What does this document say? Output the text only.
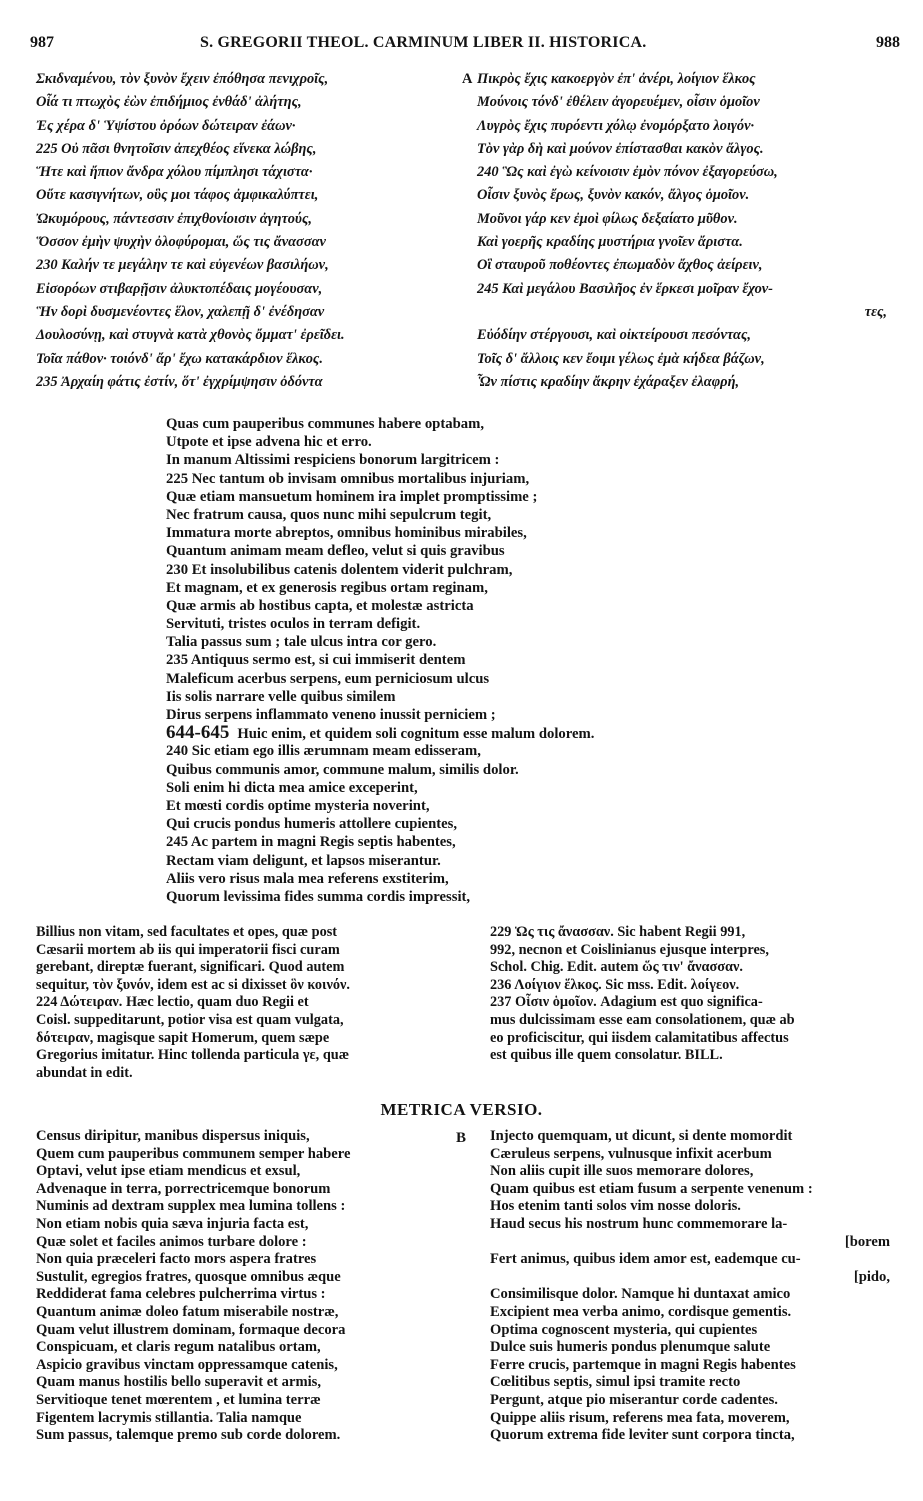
987	S. GREGORII THEOL. CARMINUM LIBER II. HISTORICA.	988
Σκιδναμένου, τὸν ξυνὸν ἔχειν ἐπόθησα πενιχροῖς,
Οἷά τι πτωχὸς ἐὼν ἐπιδήμιος ἐνθάδ' ἀλήτης,
Ἐς χέρα δ' Ὑψίστου ὀρόων δώτειραν ἐάων·
225 Οὐ πᾶσι θνητοῖσιν ἀπεχθέος εἵνεκα λώβης,
Ἥτε καὶ ἤπιον ἄνδρα χόλου πίμπλησι τάχιστα·
Οὔτε κασιγνήτων, οὓς μοι τάφος ἀμφικαλύπτει,
Ὠκυμόρους, πάντεσσιν ἐπιχθονίοισιν ἀγητούς,
Ὅσσον ἐμὴν ψυχὴν ὀλοφύρομαι, ὥς τις ἄνασσαν
230 Καλήν τε μεγάλην τε καὶ εὐγενέων βασιλήων,
Εἰσορόων στιβαρῇσιν ἀλυκτοπέδαις μογέουσαν,
Ἣν δορὶ δυσμενέοντες ἕλον, χαλεπῇ δ' ἐνέδησαν
Δουλοσύνῃ, καὶ στυγνὰ κατὰ χθονὸς ὄμματ' ἐρεῖδει.
Τοῖα πάθον· τοιόνδ' ἄρ' ἔχω κατακάρδιον ἕλκος.
235 Ἀρχαίη φάτις ἐστίν, ὅτ' ἐγχρίμψησιν ὀδόντα
A Πικρὸς ἔχις κακοεργὸν ἐπ' ἀνέρι, λοίγιον ἕλκος
Μούνοις τόνδ' ἐθέλειν ἀγορευέμεν, οἷσιν ὁμοῖον
Λυγρὸς ἔχις πυρόεντι χόλῳ ἐνομόρξατο λοιγόν·
Τὸν γὰρ δὴ καὶ μούνον ἐπίστασθαι κακὸν ἄλγος.
240 Ὣς καὶ ἐγὼ κείνοισιν ἐμὸν πόνον ἐξαγορεύσω,
Οἷσιν ξυνὸς ἔρως, ξυνὸν κακόν, ἄλγος ὁμοῖον.
Μοῦνοι γάρ κεν ἐμοὶ φίλως δεξαίατο μῦθον.
Καὶ γοερῆς κραδίης μυστήρια γνοῖεν ἄριστα.
Οἳ σταυροῦ ποθέοντες ἐπωμαδὸν ἄχθος ἀείρειν,
245 Καὶ μεγάλου Βασιλῆος ἐν ἕρκεσι μοῖραν ἔχον-
τες,
Εὐόδίην στέργουσι, καὶ οἰκτείρουσι πεσόντας,
Τοῖς δ' ἄλλοις κεν ἔοιμι γέλως ἐμὰ κήδεα βάζων,
Ὧν πίστις κραδίην ἄκρην ἐχάραξεν ἐλαφρή,
Quas cum pauperibus communes habere optabam,
Utpote et ipse advena hic et erro.
In manum Altissimi respiciens bonorum largitricem :
225 Nec tantum ob invisam omnibus mortalibus injuriam,
Quæ etiam mansuetum hominem ira implet promptissime ;
Nec fratrum causa, quos nunc mihi sepulcrum tegit,
Immatura morte abreptos, omnibus hominibus mirabiles,
Quantum animam meam defleo, velut si quis gravibus
230 Et insolubilibus catenis dolentem viderit pulchram,
Et magnam, et ex generosis regibus ortam reginam,
Quæ armis ab hostibus capta, et molestæ astricta
Servituti, tristes oculos in terram defigit.
Talia passus sum ; tale ulcus intra cor gero.
235 Antiquus sermo est, si cui immiserit dentem
Maleficum acerbus serpens, eum perniciosum ulcus
Iis solis narrare velle quibus similem
Dirus serpens inflammato veneno inussit perniciem ;
644-645 Huic enim, et quidem soli cognitum esse malum dolorem.
240 Sic etiam ego illis ærumnam meam edisseram,
Quibus communis amor, commune malum, similis dolor.
Soli enim hi dicta mea amice exceperint,
Et mœsti cordis optime mysteria noverint,
Qui crucis pondus humeris attollere cupientes,
245 Ac partem in magni Regis septis habentes,
Rectam viam deligunt, et lapsos miserantur.
Aliis vero risus mala mea referens exstiterim,
Quorum levissima fides summa cordis impressit,
Billius non vitam, sed facultates et opes, quæ post
Cæsarii mortem ab iis qui imperatorii fisci curam
gerebant, direptæ fuerant, significari. Quod autem
sequitur, τὸν ξυνόν, idem est ac si dixisset ὃν κοινόν.
224 Δώτειραν. Hæc lectio, quam duo Regii et
Coisl. suppeditarunt, potior visa est quam vulgata,
δότειραν, magisque sapit Homerum, quem sæpe
Gregorius imitatur. Hinc tollenda particula γε, quæ
abundat in edit.
229 Ὡς τις ἄνασσαν. Sic habent Regii 991,
992, necnon et Coislinianus ejusque interpres,
Schol. Chig. Edit. autem ὥς τιν' ἄνασσαν.
236 Λοίγιον ἕλκος. Sic mss. Edit. λοίγεον.
237 Οἷσιν ὁμοῖον. Adagium est quo significa-
mus dulcissimam esse eam consolationem, quæ ab
eo proficiscitur, qui iisdem calamitatibus affectus
est quibus ille quem consolatur. BILL.
METRICA VERSIO.
Census diripitur, manibus dispersus iniquis,
Quem cum pauperibus communem semper habere
Optavi, velut ipse etiam mendicus et exsul,
Advenaque in terra, porrectricemque bonorum
Numinis ad dextram supplex mea lumina tollens :
Non etiam nobis quia sæva injuria facta est,
Quæ solet et faciles animos turbare dolore :
Non quia præceleri facto mors aspera fratres
Sustulit, egregios fratres, quosque omnibus æque
Reddiderat fama celebres pulcherrima virtus :
Quantum animæ doleo fatum miserabile nostræ,
Quam velut illustrem dominam, formaque decora
Conspicuam, et claris regum natalibus ortam,
Aspicio gravibus vinctam oppressamque catenis,
Quam manus hostilis bello superavit et armis,
Servitioque tenet mœrentem , et lumina terræ
Figentem lacrymis stillantia. Talia namque
Sum passus, talemque premo sub corde dolorem.
B Injecto quemquam, ut dicunt, si dente momordit
Cæruleus serpens, vulnusque infixit acerbum
Non aliis cupit ille suos memorare dolores,
Quam quibus est etiam fusum a serpente venenum :
Hos etenim tanti solos vim nosse doloris.
Haud secus his nostrum hunc commemorare la-
[borem
Fert animus, quibus idem amor est, eademque cu-
[pido,
Consimilisque dolor. Namque hi duntaxat amico
Excipient mea verba animo, cordisque gementis.
Optima cognoscent mysteria, qui cupientes
Dulce suis humeris pondus plenumque salute
Ferre crucis, partemque in magni Regis habentes
Cœlitibus septis, simul ipsi tramite recto
Pergunt, atque pio miserantur corde cadentes.
Quippe aliis risum, referens mea fata, moverem,
Quorum extrema fide leviter sunt corpora tincta,
